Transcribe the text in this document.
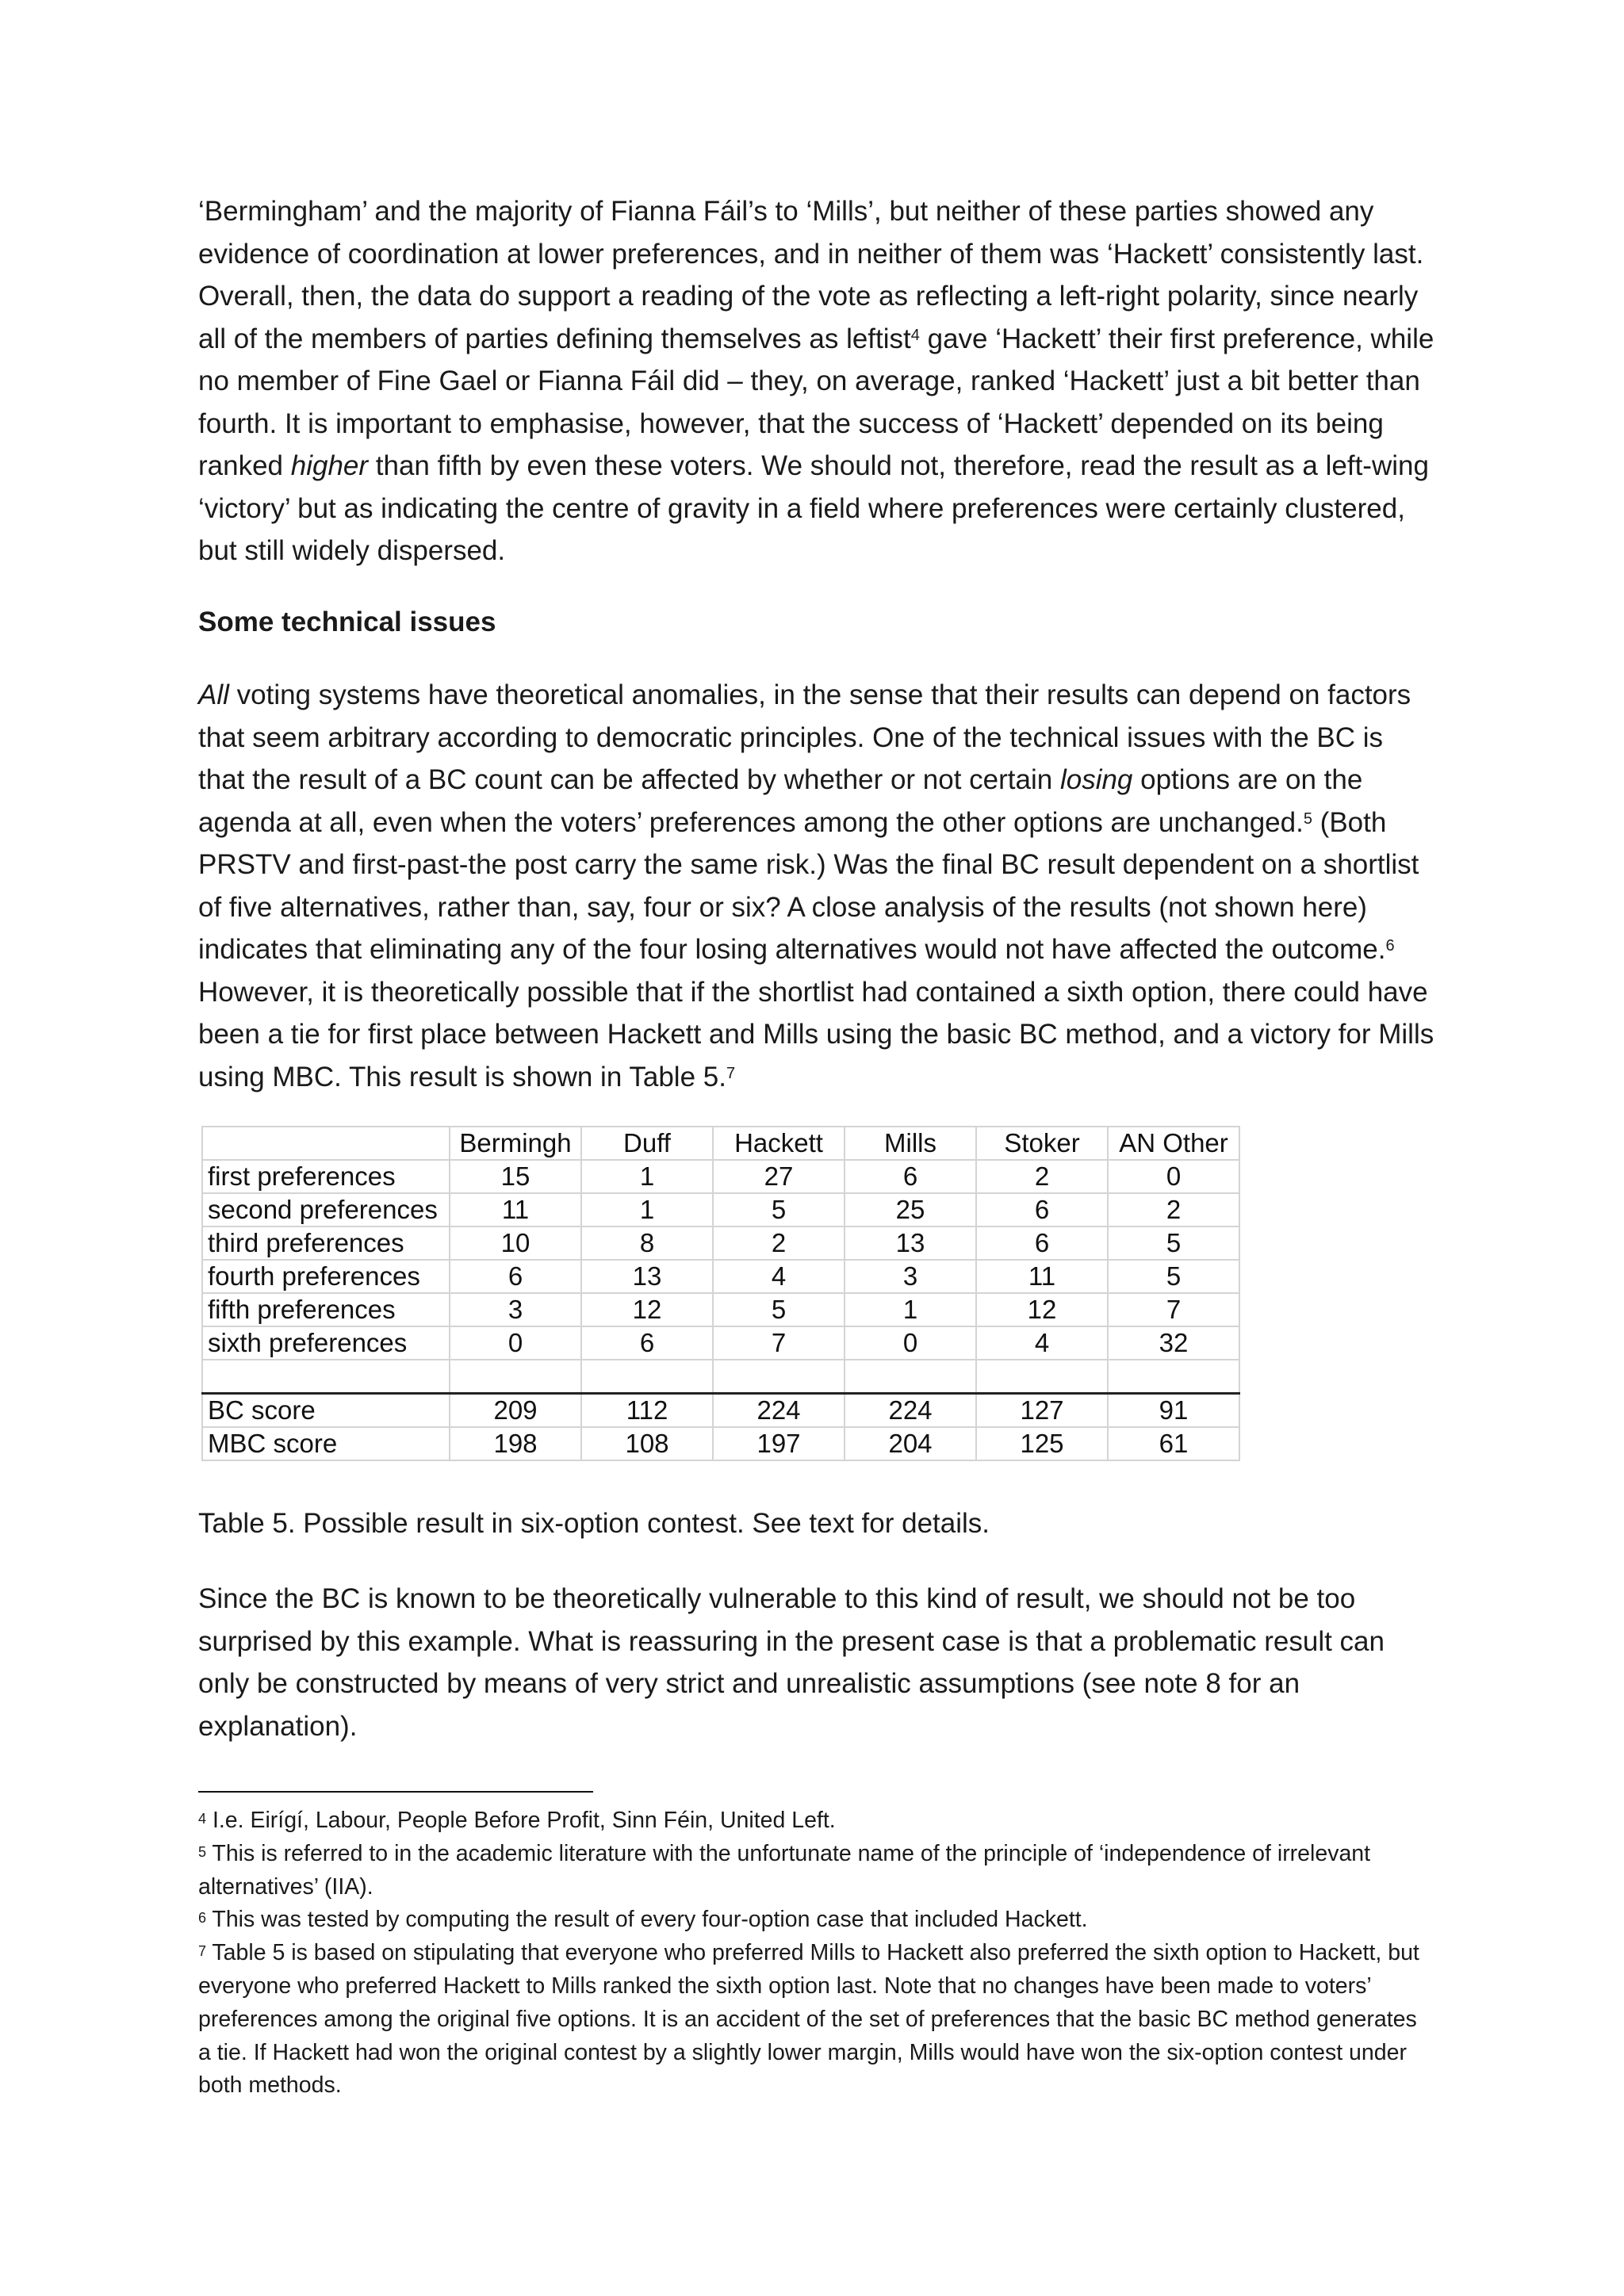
‘Bermingham’ and the majority of Fianna Fáil’s to ‘Mills’, but neither of these parties showed any evidence of coordination at lower preferences, and in neither of them was ‘Hackett’ consistently last. Overall, then, the data do support a reading of the vote as reflecting a left-right polarity, since nearly all of the members of parties defining themselves as leftist$^4$ gave ‘Hackett’ their first preference, while no member of Fine Gael or Fianna Fáil did – they, on average, ranked ‘Hackett’ just a bit better than fourth. It is important to emphasise, however, that the success of ‘Hackett’ depended on its being ranked higher than fifth by even these voters. We should not, therefore, read the result as a left-wing ‘victory’ but as indicating the centre of gravity in a field where preferences were certainly clustered, but still widely dispersed.

Some technical issues

All voting systems have theoretical anomalies, in the sense that their results can depend on factors that seem arbitrary according to democratic principles. One of the technical issues with the BC is that the result of a BC count can be affected by whether or not certain losing options are on the agenda at all, even when the voters’ preferences among the other options are unchanged.$^5$ (Both PRSTV and first-past-the post carry the same risk.) Was the final BC result dependent on a shortlist of five alternatives, rather than, say, four or six? A close analysis of the results (not shown here) indicates that eliminating any of the four losing alternatives would not have affected the outcome.$^6$ However, it is theoretically possible that if the shortlist had contained a sixth option, there could have been a tie for first place between Hackett and Mills using the basic BC method, and a victory for Mills using MBC. This result is shown in Table 5.$^7$

	Bermingh	Duff	Hackett	Mills	Stoker	AN Other
first preferences	15	1	27	6	2	0
second preferences	11	1	5	25	6	2
third preferences	10	8	2	13	6	5
fourth preferences	6	13	4	3	11	5
fifth preferences	3	12	5	1	12	7
sixth preferences	0	6	7	0	4	32

BC score	209	112	224	224	127	91
MBC score	198	108	197	204	125	61
Table 5. Possible result in six-option contest. See text for details.
Since the BC is known to be theoretically vulnerable to this kind of result, we should not be too surprised by this example. What is reassuring in the present case is that a problematic result can only be constructed by means of very strict and unrealistic assumptions (see note 8 for an explanation).

$^4$ I.e. Eirígí, Labour, People Before Profit, Sinn Féin, United Left.

$^5$ This is referred to in the academic literature with the unfortunate name of the principle of ‘independence of irrelevant alternatives’ (IIA).

$^6$ This was tested by computing the result of every four-option case that included Hackett.

$^7$ Table 5 is based on stipulating that everyone who preferred Mills to Hackett also preferred the sixth option to Hackett, but everyone who preferred Hackett to Mills ranked the sixth option last. Note that no changes have been made to voters’ preferences among the original five options. It is an accident of the set of preferences that the basic BC method generates a tie. If Hackett had won the original contest by a slightly lower margin, Mills would have won the six-option contest under both methods.
